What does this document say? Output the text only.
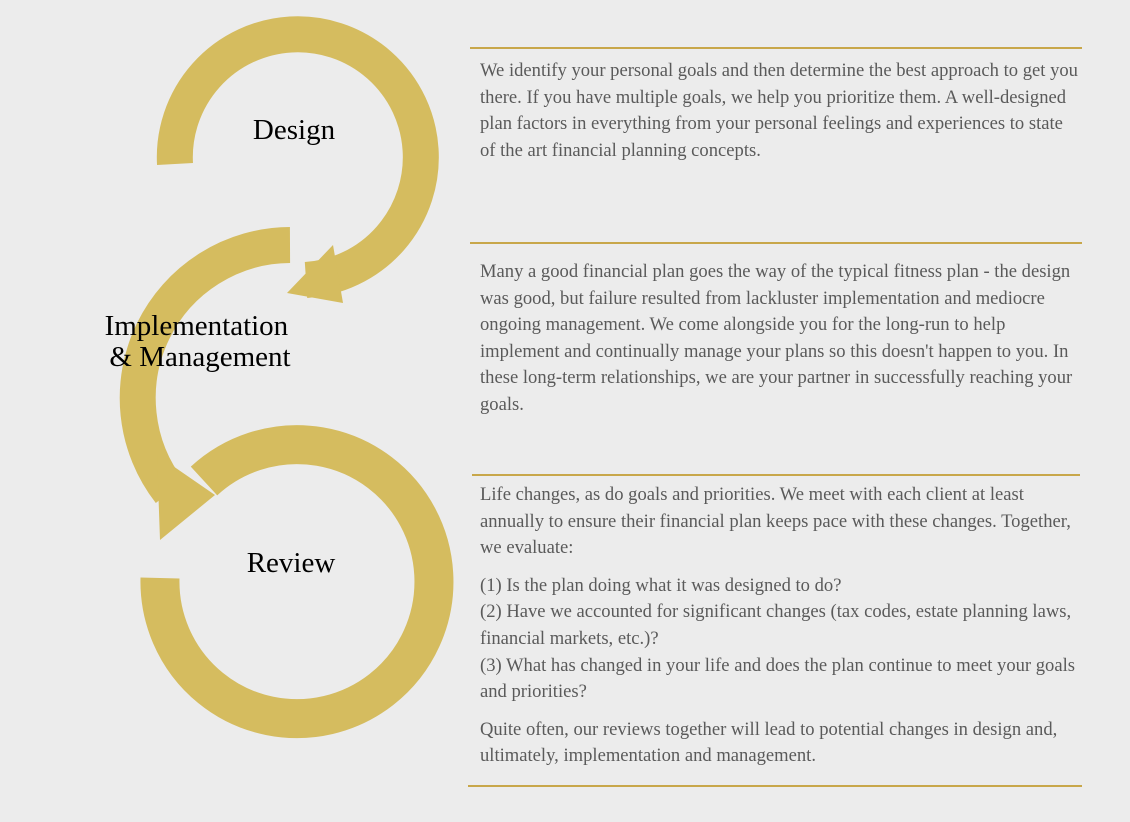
Design
Implementation & Management
Review

We identify your personal goals and then determine the best approach to get you there. If you have multiple goals, we help you prioritize them. A well-designed plan factors in everything from your personal feelings and experiences to state of the art financial planning concepts.

Many a good financial plan goes the way of the typical fitness plan - the design was good, but failure resulted from lackluster implementation and mediocre ongoing management. We come alongside you for the long-run to help implement and continually manage your plans so this doesn't happen to you. In these long-term relationships, we are your partner in successfully reaching your goals.

Life changes, as do goals and priorities. We meet with each client at least annually to ensure their financial plan keeps pace with these changes. Together, we evaluate:

(1) Is the plan doing what it was designed to do?

(2) Have we accounted for significant changes (tax codes, estate planning laws, financial markets, etc.)?

(3) What has changed in your life and does the plan continue to meet your goals and priorities?

Quite often, our reviews together will lead to potential changes in design and, ultimately, implementation and management.
